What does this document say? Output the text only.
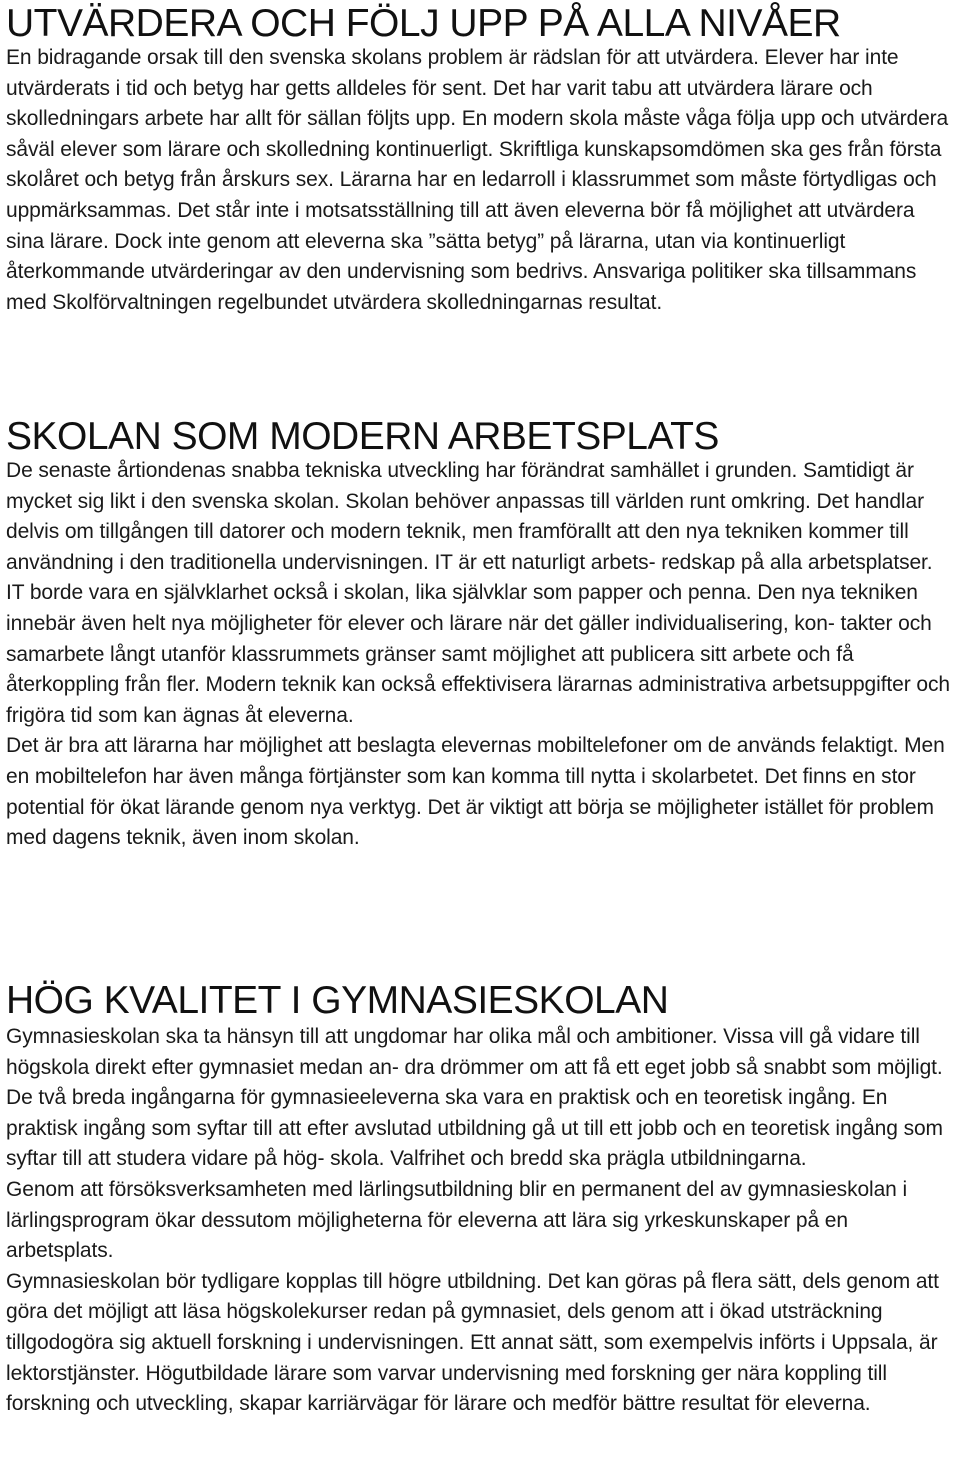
UTVÄRDERA OCH FÖLJ UPP PÅ ALLA NIVÅER

En bidragande orsak till den svenska skolans problem är rädslan för att utvärdera. Elever har inte utvärderats i tid och betyg har getts alldeles för sent. Det har varit tabu att utvärdera lärare och skolledningars arbete har allt för sällan följts upp. En modern skola måste våga följa upp och utvärdera såväl elever som lärare och skolledning kontinuerligt. Skriftliga kunskapsomdömen ska ges från första skolåret och betyg från årskurs sex. Lärarna har en ledarroll i klassrummet som måste förtydligas och uppmärksammas. Det står inte i motsatsställning till att även eleverna bör få möjlighet att utvärdera sina lärare. Dock inte genom att eleverna ska ”sätta betyg” på lärarna, utan via kontinuerligt återkommande utvärderingar av den undervisning som bedrivs. Ansvariga politiker ska tillsammans med Skolförvaltningen regelbundet utvärdera skolledningarnas resultat.

SKOLAN SOM MODERN ARBETSPLATS

De senaste årtiondenas snabba tekniska utveckling har förändrat samhället i grunden. Samtidigt är mycket sig likt i den svenska skolan. Skolan behöver anpassas till världen runt omkring. Det handlar delvis om tillgången till datorer och modern teknik, men framförallt att den nya tekniken kommer till användning i den traditionella undervisningen. IT är ett naturligt arbets- redskap på alla arbetsplatser. IT borde vara en självklarhet också i skolan, lika självklar som papper och penna. Den nya tekniken innebär även helt nya möjligheter för elever och lärare när det gäller individualisering, kon- takter och samarbete långt utanför klassrummets gränser samt möjlighet att publicera sitt arbete och få återkoppling från fler. Modern teknik kan också effektivisera lärarnas administrativa arbetsuppgifter och frigöra tid som kan ägnas åt eleverna.

Det är bra att lärarna har möjlighet att beslagta elevernas mobiltelefoner om de används felaktigt. Men en mobiltelefon har även många förtjänster som kan komma till nytta i skolarbetet. Det finns en stor potential för ökat lärande genom nya verktyg. Det är viktigt att börja se möjligheter istället för problem med dagens teknik, även inom skolan.

HÖG KVALITET I GYMNASIESKOLAN

Gymnasieskolan ska ta hänsyn till att ungdomar har olika mål och ambitioner. Vissa vill gå vidare till högskola direkt efter gymnasiet medan an- dra drömmer om att få ett eget jobb så snabbt som möjligt. De två breda ingångarna för gymnasieeleverna ska vara en praktisk och en teoretisk ingång. En praktisk ingång som syftar till att efter avslutad utbildning gå ut till ett jobb och en teoretisk ingång som syftar till att studera vidare på hög- skola. Valfrihet och bredd ska prägla utbildningarna.

Genom att försöksverksamheten med lärlingsutbildning blir en permanent del av gymnasieskolan i lärlingsprogram ökar dessutom möjligheterna för eleverna att lära sig yrkeskunskaper på en arbetsplats.

Gymnasieskolan bör tydligare kopplas till högre utbildning. Det kan göras på flera sätt, dels genom att göra det möjligt att läsa högskolekurser redan på gymnasiet, dels genom att i ökad utsträckning tillgodogöra sig aktuell forskning i undervisningen. Ett annat sätt, som exempelvis införts i Uppsala, är lektorstjänster. Högutbildade lärare som varvar undervisning med forskning ger nära koppling till forskning och utveckling, skapar karriärvägar för lärare och medför bättre resultat för eleverna.
